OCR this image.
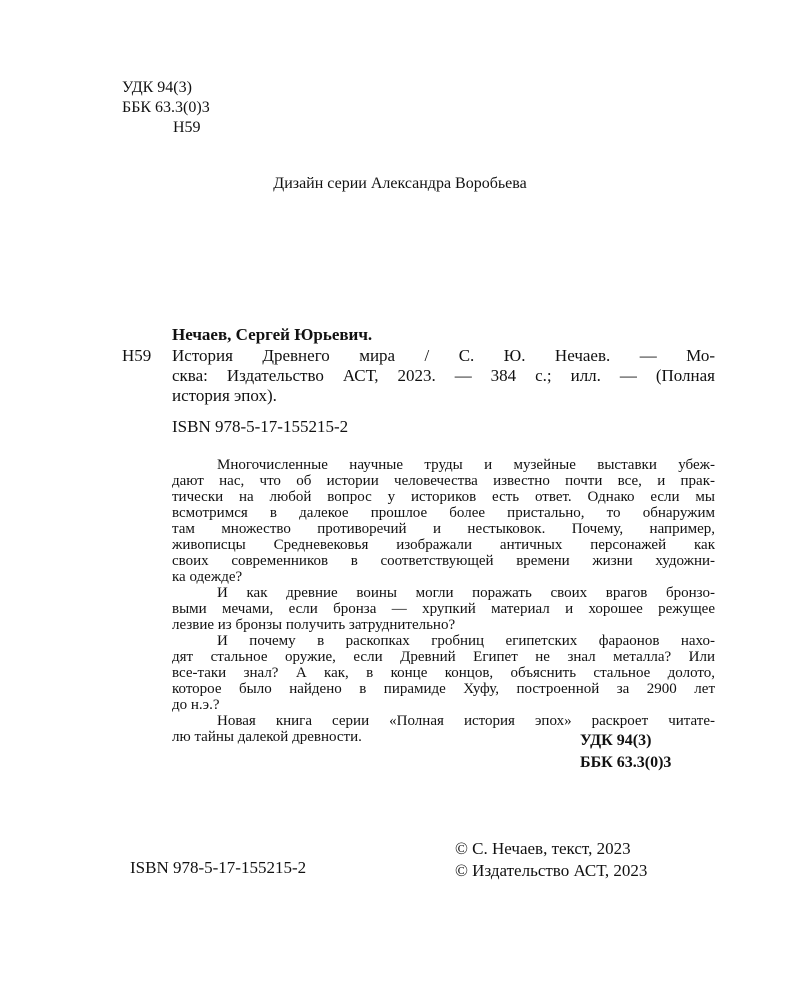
УДК 94(3)
ББК 63.3(0)3
Н59

Дизайн серии Александра Воробьева

Нечаев, Сергей Юрьевич.

Н59 История Древнего мира / С. Ю. Нечаев. — Мо-
сква: Издательство АСТ, 2023. — 384 с.; илл. — (Полная
история эпох).

ISBN 978-5-17-155215-2

Многочисленные научные труды и музейные выставки убеж-
дают нас, что об истории человечества известно почти все, и прак-
тически на любой вопрос у историков есть ответ. Однако если мы
всмотримся в далекое прошлое более пристально, то обнаружим
там множество противоречий и нестыковок. Почему, например,
живописцы Средневековья изображали античных персонажей как
своих современников в соответствующей времени жизни художни-
ка одежде?
И как древние воины могли поражать своих врагов бронзо-
выми мечами, если бронза — хрупкий материал и хорошее режущее
лезвие из бронзы получить затруднительно?
И почему в раскопках гробниц египетских фараонов нахо-
дят стальное оружие, если Древний Египет не знал металла? Или
все-таки знал? А как, в конце концов, объяснить стальное долото,
которое было найдено в пирамиде Хуфу, построенной за 2900 лет
до н.э.?
Новая книга серии «Полная история эпох» раскроет читате-
лю тайны далекой древности.	УДК 94(3)
ББК 63.3(0)3

ISBN 978-5-17-155215-2

© С. Нечаев, текст, 2023
© Издательство АСТ, 2023
